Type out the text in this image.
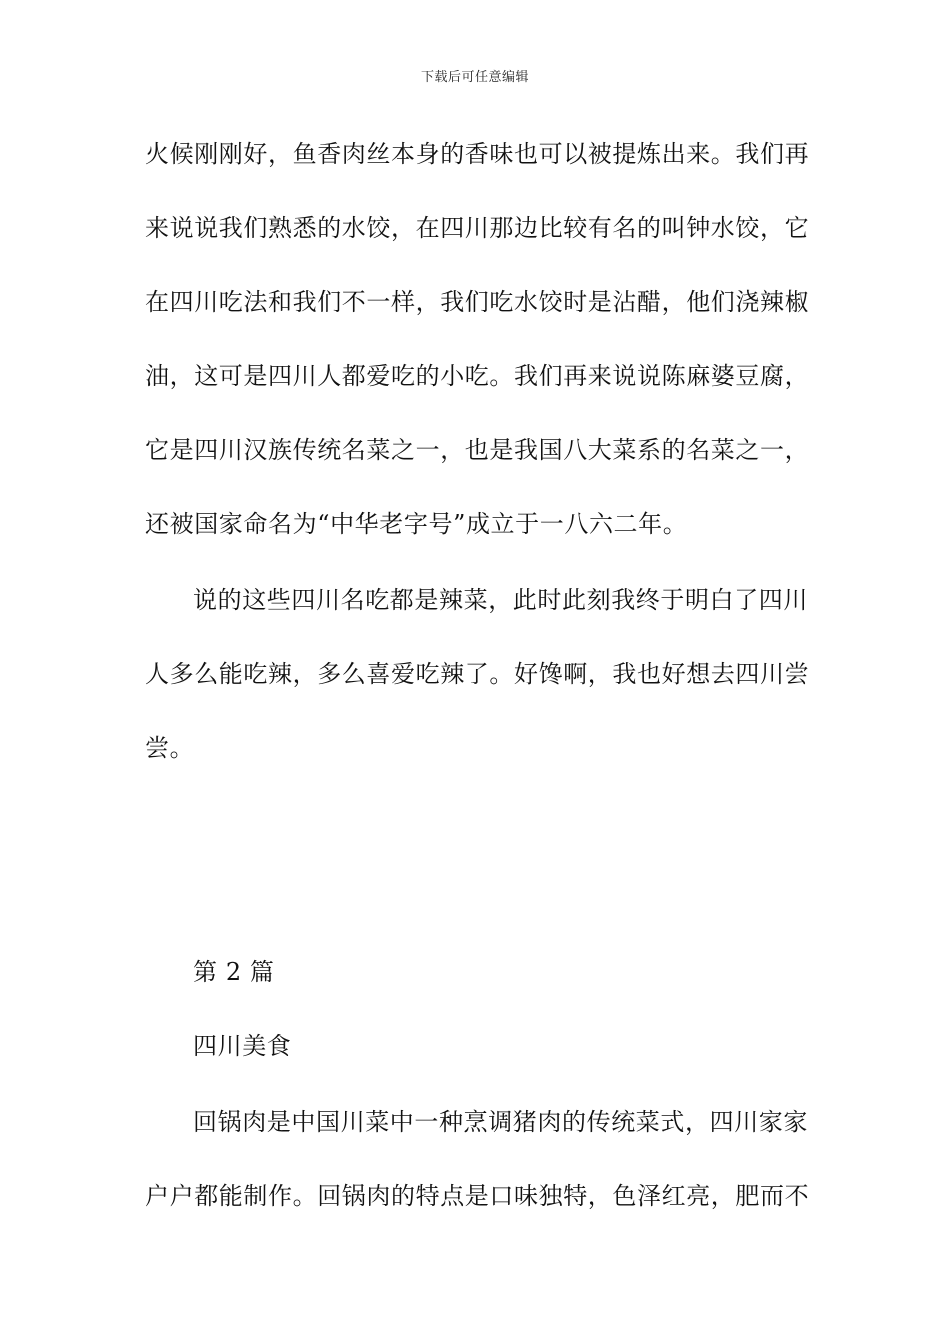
下载后可任意编辑
火候刚刚好，鱼香肉丝本身的香味也可以被提炼出来。我们再
来说说我们熟悉的水饺，在四川那边比较有名的叫钟水饺，它
在四川吃法和我们不一样，我们吃水饺时是沾醋，他们浇辣椒
油，这可是四川人都爱吃的小吃。我们再来说说陈麻婆豆腐，
它是四川汉族传统名菜之一，也是我国八大菜系的名菜之一，
还被国家命名为“中华老字号”成立于一八六二年。
说的这些四川名吃都是辣菜，此时此刻我终于明白了四川
人多么能吃辣，多么喜爱吃辣了。好馋啊，我也好想去四川尝
尝。
第 2 篇
四川美食
回锅肉是中国川菜中一种烹调猪肉的传统菜式，四川家家
户户都能制作。回锅肉的特点是口味独特，色泽红亮，肥而不
